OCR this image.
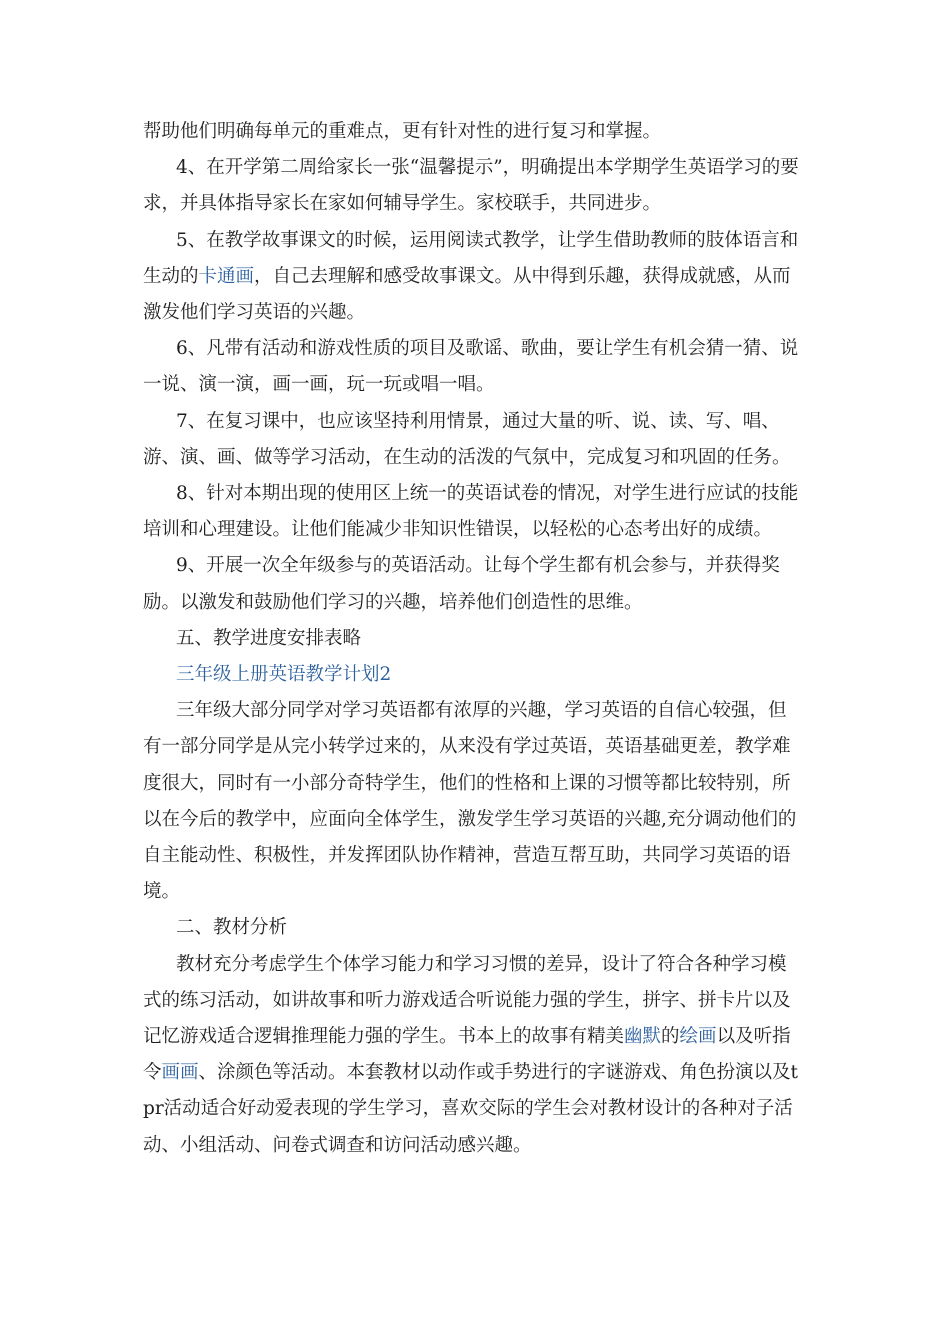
帮助他们明确每单元的重难点，更有针对性的进行复习和掌握。

4、在开学第二周给家长一张“温馨提示”，明确提出本学期学生英语学习的要求，并具体指导家长在家如何辅导学生。家校联手，共同进步。

5、在教学故事课文的时候，运用阅读式教学，让学生借助教师的肢体语言和生动的卡通画，自己去理解和感受故事课文。从中得到乐趣，获得成就感，从而激发他们学习英语的兴趣。

6、凡带有活动和游戏性质的项目及歌谣、歌曲，要让学生有机会猜一猜、说一说、演一演，画一画，玩一玩或唱一唱。

7、在复习课中，也应该坚持利用情景，通过大量的听、说、读、写、唱、游、演、画、做等学习活动，在生动的活泼的气氛中，完成复习和巩固的任务。

8、针对本期出现的使用区上统一的英语试卷的情况，对学生进行应试的技能培训和心理建设。让他们能减少非知识性错误，以轻松的心态考出好的成绩。

9、开展一次全年级参与的英语活动。让每个学生都有机会参与，并获得奖励。以激发和鼓励他们学习的兴趣，培养他们创造性的思维。

五、教学进度安排表略

三年级上册英语教学计划2

三年级大部分同学对学习英语都有浓厚的兴趣，学习英语的自信心较强，但有一部分同学是从完小转学过来的，从来没有学过英语，英语基础更差，教学难度很大，同时有一小部分奇特学生，他们的性格和上课的习惯等都比较特别，所以在今后的教学中，应面向全体学生，激发学生学习英语的兴趣,充分调动他们的自主能动性、积极性，并发挥团队协作精神，营造互帮互助，共同学习英语的语境。

二、教材分析

教材充分考虑学生个体学习能力和学习习惯的差异，设计了符合各种学习模式的练习活动，如讲故事和听力游戏适合听说能力强的学生，拼字、拼卡片以及记忆游戏适合逻辑推理能力强的学生。书本上的故事有精美幽默的绘画以及听指令画画、涂颜色等活动。本套教材以动作或手势进行的字谜游戏、角色扮演以及tpr活动适合好动爱表现的学生学习，喜欢交际的学生会对教材设计的各种对子活动、小组活动、问卷式调查和访问活动感兴趣。
